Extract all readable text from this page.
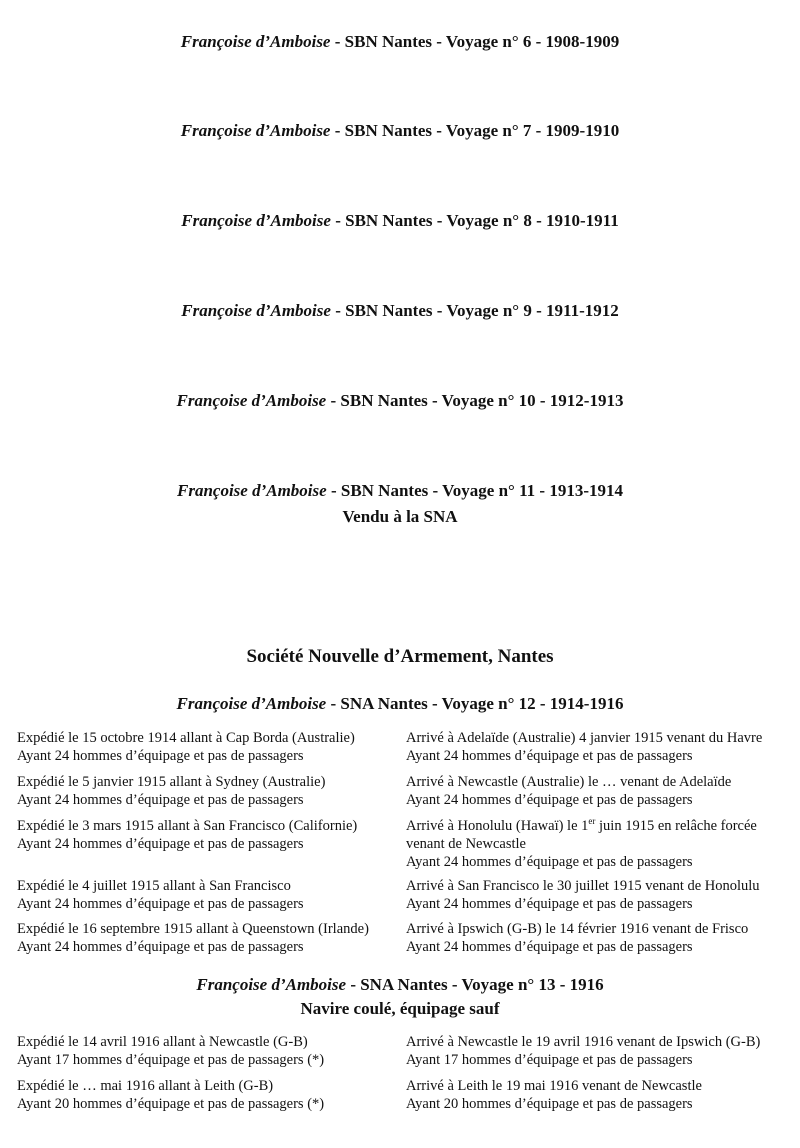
Françoise d’Amboise - SBN Nantes - Voyage n° 6 - 1908-1909
Françoise d’Amboise - SBN Nantes - Voyage n° 7 - 1909-1910
Françoise d’Amboise - SBN Nantes - Voyage n° 8 - 1910-1911
Françoise d’Amboise - SBN Nantes - Voyage n° 9 - 1911-1912
Françoise d’Amboise - SBN Nantes - Voyage n° 10 - 1912-1913
Françoise d’Amboise - SBN Nantes - Voyage n° 11 - 1913-1914
Vendu à la SNA
Société Nouvelle d’Armement, Nantes
Françoise d’Amboise - SNA Nantes - Voyage n° 12 - 1914-1916
Expédié le 15 octobre 1914 allant à Cap Borda (Australie)
Ayant 24 hommes d’équipage et pas de passagers
Arrivé à Adelaïde (Australie) 4 janvier 1915 venant du Havre
Ayant 24 hommes d’équipage et pas de passagers
Expédié le 5 janvier 1915 allant à Sydney (Australie)
Ayant 24 hommes d’équipage et pas de passagers
Arrivé à Newcastle (Australie) le … venant de Adelaïde
Ayant 24 hommes d’équipage et pas de passagers
Expédié le 3 mars 1915 allant à San Francisco (Californie)
Ayant 24 hommes d’équipage et pas de passagers
Arrivé à Honolulu (Hawaï) le 1er juin 1915 en relâche forcée
venant de Newcastle
Ayant 24 hommes d’équipage et pas de passagers
Expédié le 4 juillet 1915 allant à San Francisco
Ayant 24 hommes d’équipage et pas de passagers
Arrivé à San Francisco le 30 juillet 1915 venant de Honolulu
Ayant 24 hommes d’équipage et pas de passagers
Expédié le 16 septembre 1915 allant à Queenstown (Irlande)
Ayant 24 hommes d’équipage et pas de passagers
Arrivé à Ipswich (G-B) le 14 février 1916 venant de Frisco
Ayant 24 hommes d’équipage et pas de passagers
Françoise d’Amboise - SNA Nantes - Voyage n° 13 - 1916
Navire coulé, équipage sauf
Expédié le 14 avril 1916 allant à Newcastle (G-B)
Ayant 17 hommes d’équipage et pas de passagers (*)
Arrivé à Newcastle le 19 avril 1916 venant de Ipswich (G-B)
Ayant 17 hommes d’équipage et pas de passagers
Expédié le … mai 1916 allant à Leith (G-B)
Ayant 20 hommes d’équipage et pas de passagers (*)
Arrivé à Leith le 19 mai 1916 venant de Newcastle
Ayant 20 hommes d’équipage et pas de passagers
